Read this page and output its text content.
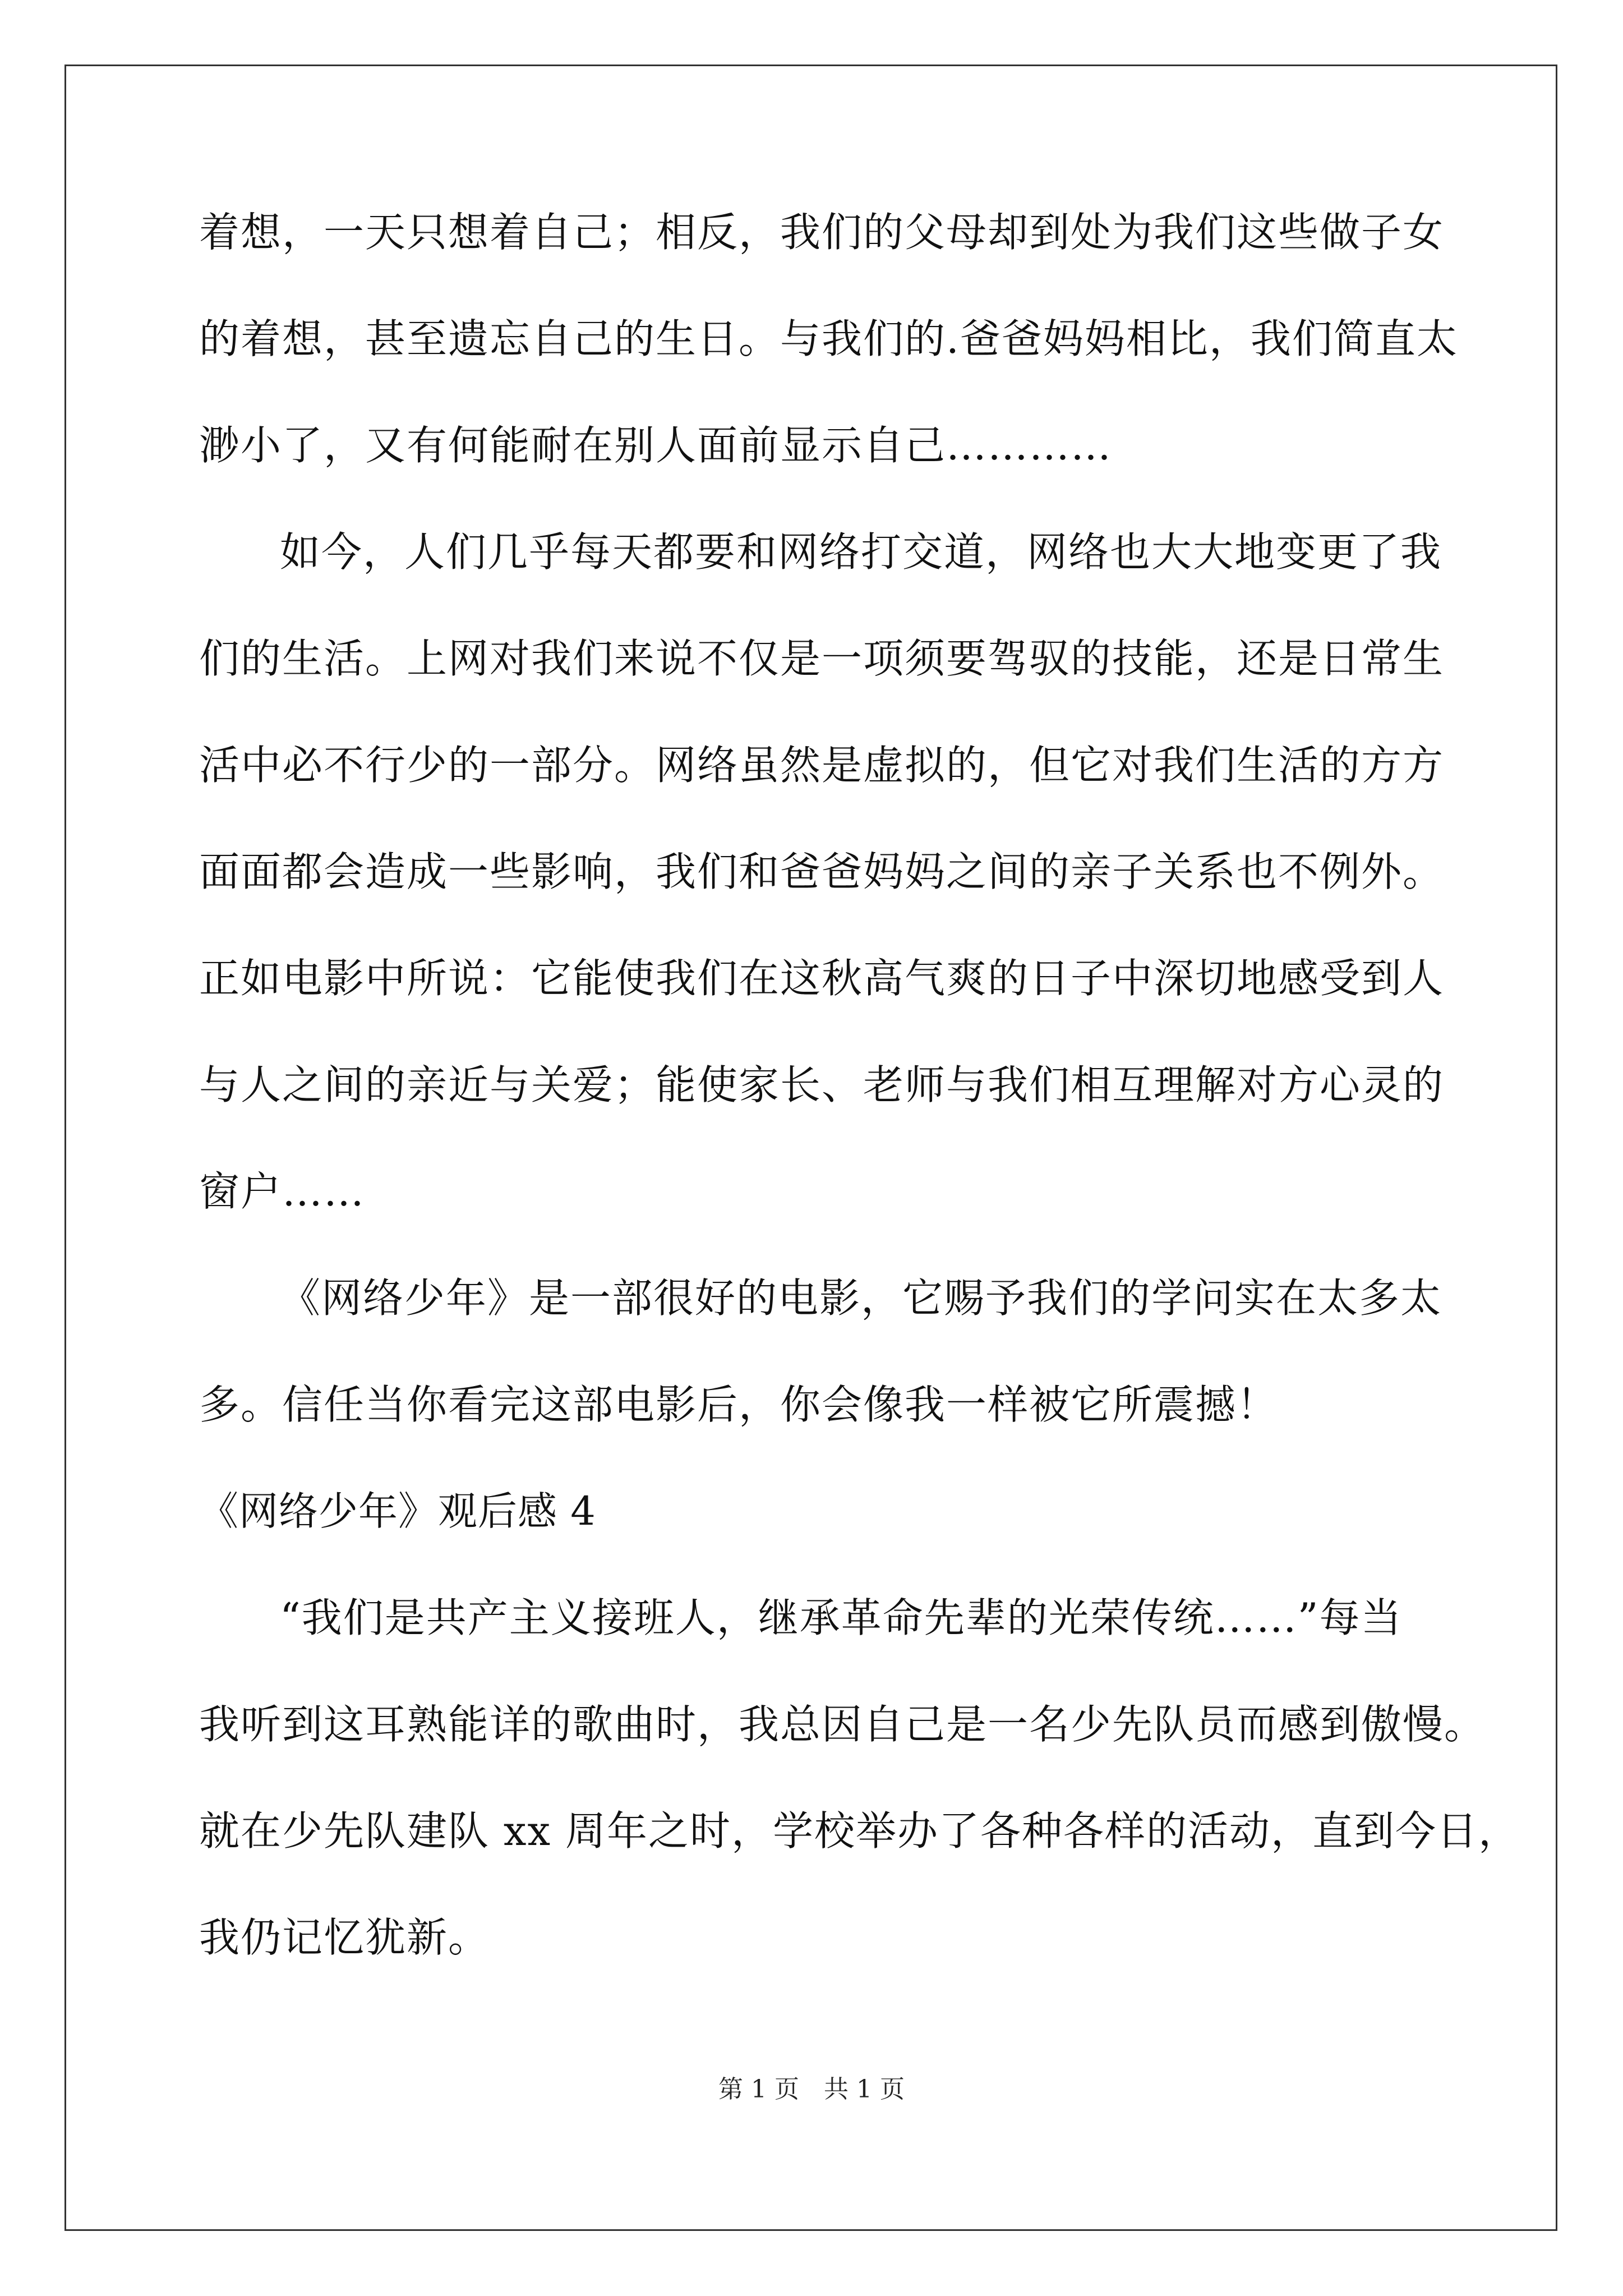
着想，一天只想着自己；相反，我们的父母却到处为我们这些做子女
的着想，甚至遗忘自己的生日。与我们的.爸爸妈妈相比，我们简直太
渺小了，又有何能耐在别人面前显示自己…………
如今，人们几乎每天都要和网络打交道，网络也大大地变更了我
们的生活。上网对我们来说不仅是一项须要驾驭的技能，还是日常生
活中必不行少的一部分。网络虽然是虚拟的，但它对我们生活的方方
面面都会造成一些影响，我们和爸爸妈妈之间的亲子关系也不例外。
正如电影中所说：它能使我们在这秋高气爽的日子中深切地感受到人
与人之间的亲近与关爱；能使家长、老师与我们相互理解对方心灵的
窗户……
《网络少年》是一部很好的电影，它赐予我们的学问实在太多太
多。信任当你看完这部电影后，你会像我一样被它所震撼！
《网络少年》观后感 4
“我们是共产主义接班人，继承革命先辈的光荣传统……”每当
我听到这耳熟能详的歌曲时，我总因自己是一名少先队员而感到傲慢。
就在少先队建队 xx 周年之时，学校举办了各种各样的活动，直到今日，
我仍记忆犹新。
第 1 页　共 1 页
